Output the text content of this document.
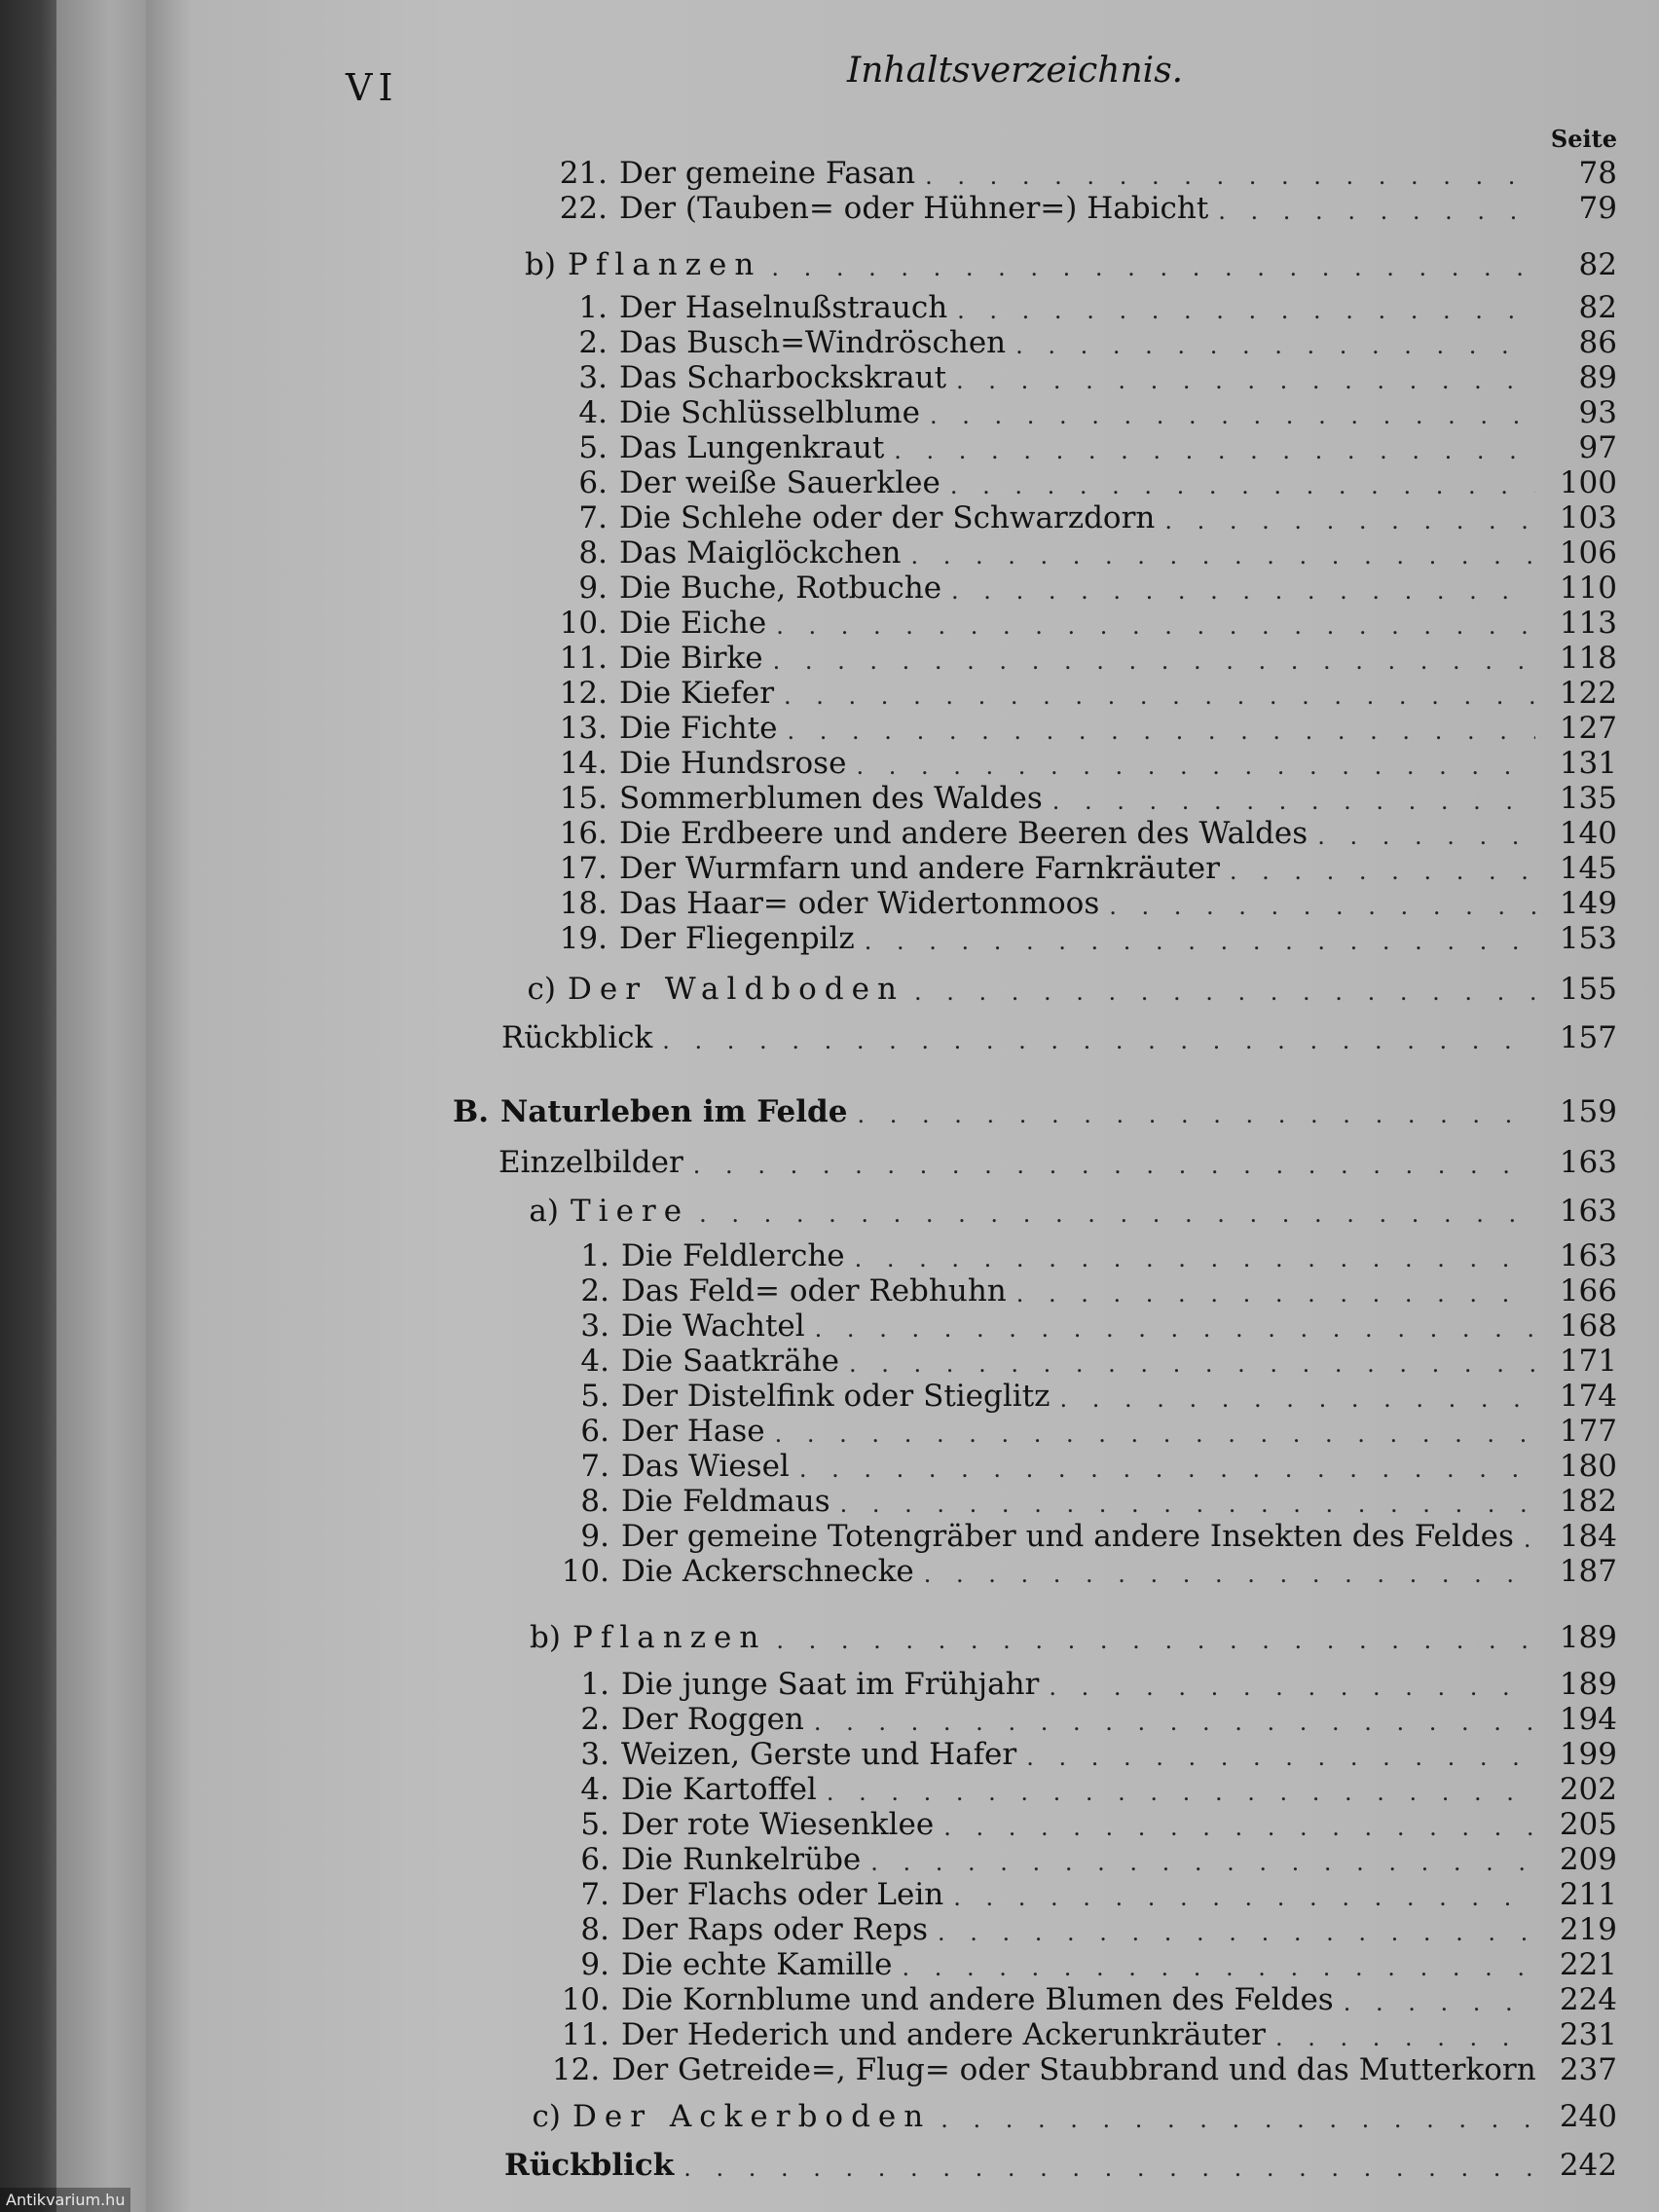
VI	Inhaltsverzeichnis.
Seite
21. Der gemeine Fasan . . .	78
22. Der (Tauben= oder Hühner=) Habicht . . .	79
b) Pflanzen . . .	82
1. Der Haselnußstrauch . . .	82
2. Das Busch=Windröschen . . .	86
3. Das Scharbockskraut . . .	89
4. Die Schlüsselblume . . .	93
5. Das Lungenkraut . . .	97
6. Der weiße Sauerklee . . .	100
7. Die Schlehe oder der Schwarzdorn . . .	103
8. Das Maiglöckchen . . .	106
9. Die Buche, Rotbuche . . .	110
10. Die Eiche . . .	113
11. Die Birke . . .	118
12. Die Kiefer . . .	122
13. Die Fichte . . .	127
14. Die Hundsrose . . .	131
15. Sommerblumen des Waldes . . .	135
16. Die Erdbeere und andere Beeren des Waldes . . .	140
17. Der Wurmfarn und andere Farnkräuter . . .	145
18. Das Haar= oder Widertonmoos . . .	149
19. Der Fliegenpilz . . .	153
c) Der Waldboden . . .	155
Rückblick . . .	157
B. Naturleben im Felde . . .	159
Einzelbilder . . .	163
a) Tiere . . .	163
1. Die Feldlerche . . .	163
2. Das Feld= oder Rebhuhn . . .	166
3. Die Wachtel . . .	168
4. Die Saatkrähe . . .	171
5. Der Distelfink oder Stieglitz . . .	174
6. Der Hase . . .	177
7. Das Wiesel . . .	180
8. Die Feldmaus . . .	182
9. Der gemeine Totengräber und andere Insekten des Feldes . . .	184
10. Die Ackerschnecke . . .	187
b) Pflanzen . . .	189
1. Die junge Saat im Frühjahr . . .	189
2. Der Roggen . . .	194
3. Weizen, Gerste und Hafer . . .	199
4. Die Kartoffel . . .	202
5. Der rote Wiesenklee . . .	205
6. Die Runkelrübe . . .	209
7. Der Flachs oder Lein . . .	211
8. Der Raps oder Reps . . .	219
9. Die echte Kamille . . .	221
10. Die Kornblume und andere Blumen des Feldes . . .	224
11. Der Hederich und andere Ackerunkräuter . . .	231
12. Der Getreide=, Flug= oder Staubbrand und das Mutterkorn 237
c) Der Ackerboden . . .	240
Rückblick . . .	242
Antikvarium.hu
